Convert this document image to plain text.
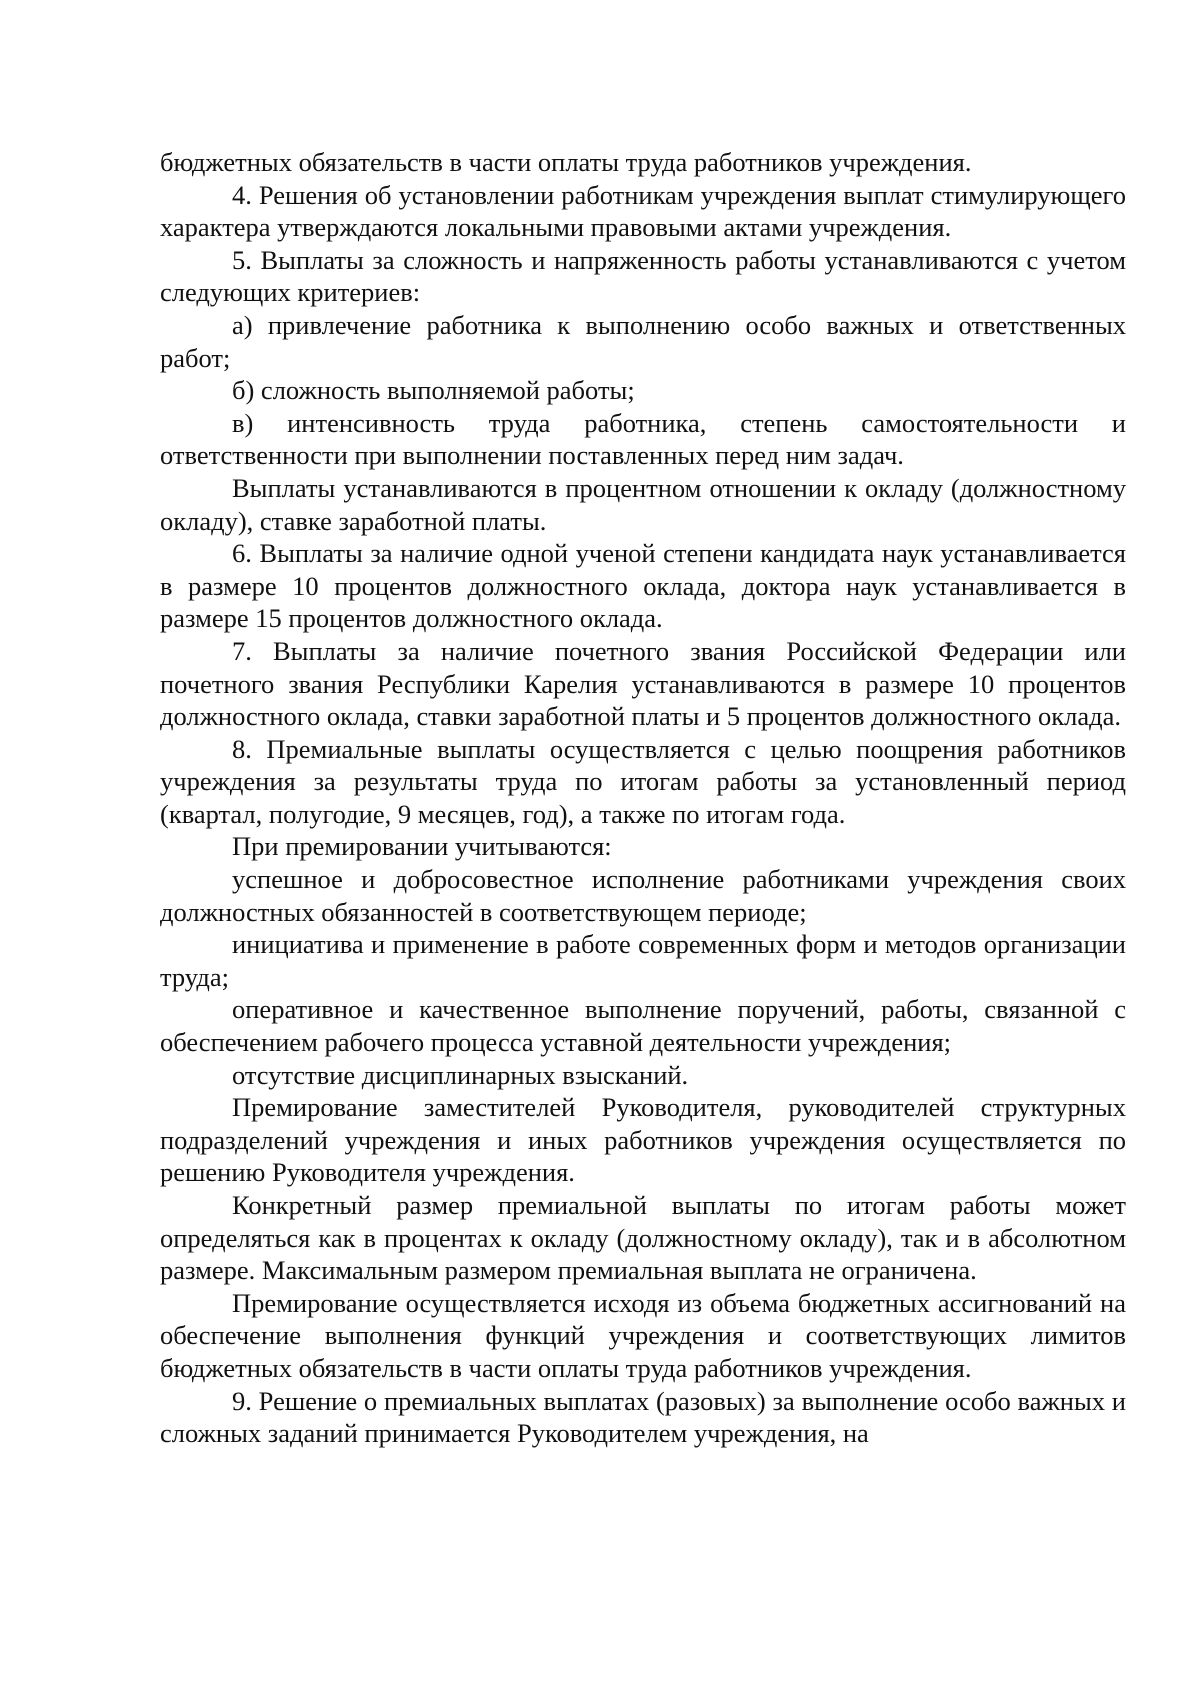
бюджетных обязательств в части оплаты труда работников учреждения.

4. Решения об установлении работникам учреждения выплат стимулирующего характера утверждаются локальными правовыми актами учреждения.

5. Выплаты за сложность и напряженность работы устанавливаются с учетом следующих критериев:

а) привлечение работника к выполнению особо важных и ответственных работ;

б) сложность выполняемой работы;

в) интенсивность труда работника, степень самостоятельности и ответственности при выполнении поставленных перед ним задач.

Выплаты устанавливаются в процентном отношении к окладу (должностному окладу), ставке заработной платы.

6. Выплаты за наличие одной ученой степени кандидата наук устанавливается в размере 10 процентов должностного оклада, доктора наук устанавливается в размере 15 процентов должностного оклада.

7. Выплаты за наличие почетного звания Российской Федерации или почетного звания Республики Карелия устанавливаются в размере 10 процентов должностного оклада, ставки заработной платы и 5 процентов должностного оклада.

8. Премиальные выплаты осуществляется с целью поощрения работников учреждения за результаты труда по итогам работы за установленный период (квартал, полугодие, 9 месяцев, год), а также по итогам года.

При премировании учитываются:

успешное и добросовестное исполнение работниками учреждения своих должностных обязанностей в соответствующем периоде;

инициатива и применение в работе современных форм и методов организации труда;

оперативное и качественное выполнение поручений, работы, связанной с обеспечением рабочего процесса уставной деятельности учреждения;

отсутствие дисциплинарных взысканий.

Премирование заместителей Руководителя, руководителей структурных подразделений учреждения и иных работников учреждения осуществляется по решению Руководителя учреждения.

Конкретный размер премиальной выплаты по итогам работы может определяться как в процентах к окладу (должностному окладу), так и в абсолютном размере. Максимальным размером премиальная выплата не ограничена.

Премирование осуществляется исходя из объема бюджетных ассигнований на обеспечение выполнения функций учреждения и соответствующих лимитов бюджетных обязательств в части оплаты труда работников учреждения.

9. Решение о премиальных выплатах (разовых) за выполнение особо важных и сложных заданий принимается Руководителем учреждения, на
